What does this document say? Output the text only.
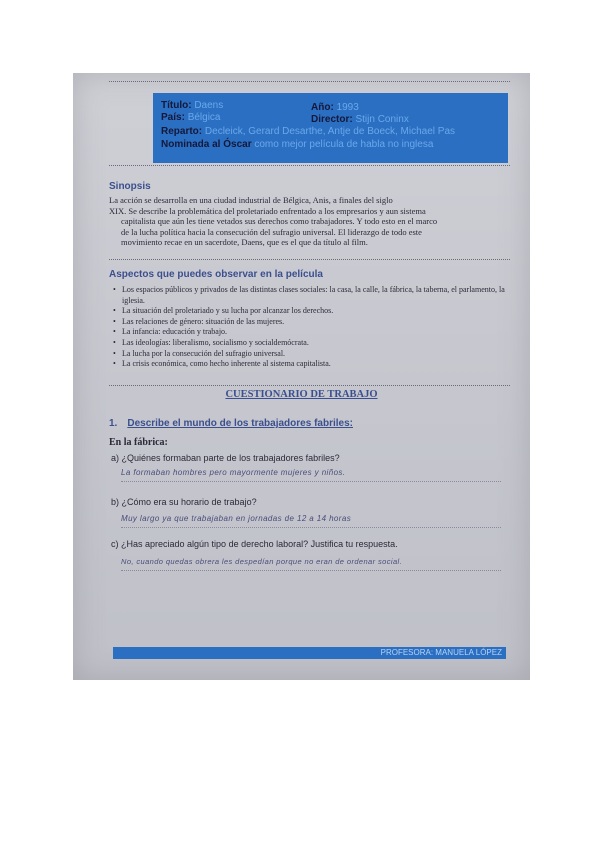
Título: Daens	Año: 1993
País: Bélgica	Director: Stijn Coninx
Reparto: Decleick, Gerard Desarthe, Antje de Boeck, Michael Pas
Nominada al Óscar como mejor película de habla no inglesa
Sinopsis
La acción se desarrolla en una ciudad industrial de Bélgica, Anis, a finales del siglo
XIX. Se describe la problemática del proletariado enfrentado a los empresarios y aun sistema
capitalista que aún les tiene vetados sus derechos como trabajadores. Y todo esto en el marco
de la lucha política hacia la consecución del sufragio universal. El liderazgo de todo este
movimiento recae en un sacerdote, Daens, que es el que da título al film.
Aspectos que puedes observar en la película
• Los espacios públicos y privados de las distintas clases sociales: la casa, la calle, la fábrica, la taberna, el parlamento, la iglesia.
• La situación del proletariado y su lucha por alcanzar los derechos.
• Las relaciones de género: situación de las mujeres.
• La infancia: educación y trabajo.
• Las ideologías: liberalismo, socialismo y socialdemócrata.
• La lucha por la consecución del sufragio universal.
• La crisis económica, como hecho inherente al sistema capitalista.
CUESTIONARIO DE TRABAJO
1. Describe el mundo de los trabajadores fabriles:
En la fábrica:
a) ¿Quiénes formaban parte de los trabajadores fabriles?
La formaban hombres pero mayormente mujeres y niños.
b) ¿Cómo era su horario de trabajo?
Muy largo ya que trabajaban en jornadas de 12 a 14 horas
c) ¿Has apreciado algún tipo de derecho laboral? Justifica tu respuesta.
No, cuando quedas obrera les despedían porque no eran de ordenar social.
PROFESORA: MANUELA LÓPEZ
